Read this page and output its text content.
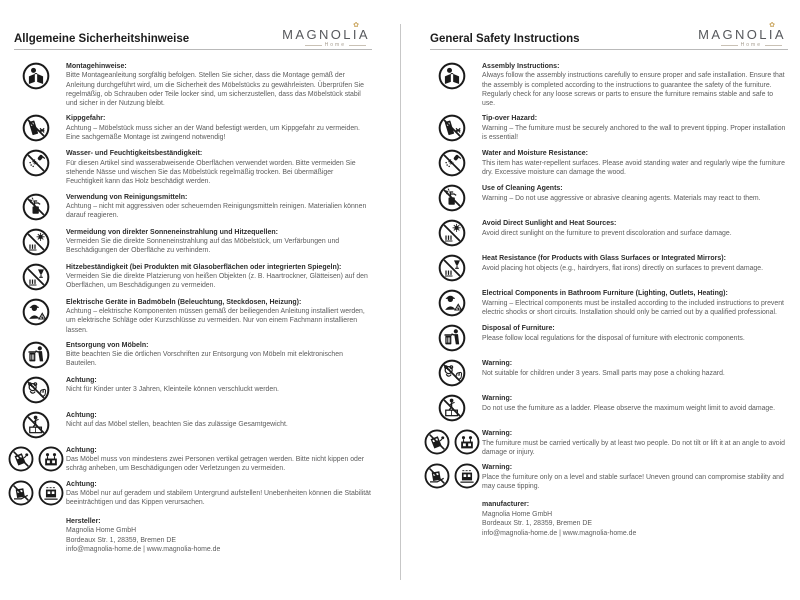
Allgemeine Sicherheitshinweise
✿
MAGNOLIA
Home
Montagehinweise:
Bitte Montageanleitung sorgfältig befolgen. Stellen Sie sicher, dass die Montage gemäß der Anleitung durchgeführt wird, um die Sicherheit des Möbelstücks zu gewährleisten. Überprüfen Sie regelmäßig, ob Schrauben oder Teile locker sind, um sicherzustellen, dass das Möbelstück stabil und sicher in der Nutzung bleibt.
Kippgefahr:
Achtung – Möbelstück muss sicher an der Wand befestigt werden, um Kippgefahr zu vermeiden. Eine sachgemäße Montage ist zwingend notwendig!
Wasser- und Feuchtigkeitsbeständigkeit:
Für diesen Artikel sind wasserabweisende Oberflächen verwendet worden. Bitte vermeiden Sie stehende Nässe und wischen Sie das Möbelstück regelmäßig trocken. Bei übermäßiger Feuchtigkeit kann das Holz beschädigt werden.
Verwendung von Reinigungsmitteln:
Achtung – nicht mit aggressiven oder scheuernden Reinigungsmitteln reinigen. Materialien können darauf reagieren.
Vermeidung von direkter Sonneneinstrahlung und Hitzequellen:
Vermeiden Sie die direkte Sonneneinstrahlung auf das Möbelstück, um Verfärbungen und Beschädigungen der Oberfläche zu verhindern.
Hitzebeständigkeit (bei Produkten mit Glasoberflächen oder integrierten Spiegeln):
Vermeiden Sie die direkte Platzierung von heißen Objekten (z. B. Haartrockner, Glätteisen) auf den Oberflächen, um Beschädigungen zu vermeiden.
Elektrische Geräte in Badmöbeln (Beleuchtung, Steckdosen, Heizung):
Achtung – elektrische Komponenten müssen gemäß der beiliegenden Anleitung installiert werden, um elektrische Schläge oder Kurzschlüsse zu vermeiden. Nur von einem Fachmann installieren lassen.
Entsorgung von Möbeln:
Bitte beachten Sie die örtlichen Vorschriften zur Entsorgung von Möbeln mit elektronischen Bauteilen.
Achtung:
Nicht für Kinder unter 3 Jahren, Kleinteile können verschluckt werden.
Achtung:
Nicht auf das Möbel stellen, beachten Sie das zulässige Gesamtgewicht.
Achtung:
Das Möbel muss von mindestens zwei Personen vertikal getragen werden. Bitte nicht kippen oder schräg anheben, um Beschädigungen oder Verletzungen zu vermeiden.
Achtung:
Das Möbel nur auf geradem und stabilem Untergrund aufstellen! Unebenheiten können die Stabilität beeinträchtigen und das Kippen verursachen.
Hersteller:
Magnolia Home GmbH
Bordeaux Str. 1, 28359, Bremen DE
info@magnolia-home.de | www.magnolia-home.de
General Safety Instructions
✿
MAGNOLIA
Home
Assembly Instructions:
Always follow the assembly instructions carefully to ensure proper and safe installation. Ensure that the assembly is completed according to the instructions to guarantee the safety of the furniture. Regularly check for any loose screws or parts to ensure the furniture remains stable and safe to use.
Tip-over Hazard:
Warning – The furniture must be securely anchored to the wall to prevent tipping. Proper installation is essential!
Water and Moisture Resistance:
This item has water-repellent surfaces. Please avoid standing water and regularly wipe the furniture dry. Excessive moisture can damage the wood.
Use of Cleaning Agents:
Warning – Do not use aggressive or abrasive cleaning agents. Materials may react to them.
Avoid Direct Sunlight and Heat Sources:
Avoid direct sunlight on the furniture to prevent discoloration and surface damage.
Heat Resistance (for Products with Glass Surfaces or Integrated Mirrors):
Avoid placing hot objects (e.g., hairdryers, flat irons) directly on surfaces to prevent damage.
Electrical Components in Bathroom Furniture (Lighting, Outlets, Heating):
Warning – Electrical components must be installed according to the included instructions to prevent electric shocks or short circuits. Installation should only be carried out by a qualified professional.
Disposal of Furniture:
Please follow local regulations for the disposal of furniture with electronic components.
Warning:
Not suitable for children under 3 years. Small parts may pose a choking hazard.
Warning:
Do not use the furniture as a ladder. Please observe the maximum weight limit to avoid damage.
Warning:
The furniture must be carried vertically by at least two people. Do not tilt or lift it at an angle to avoid damage or injury.
Warning:
Place the furniture only on a level and stable surface! Uneven ground can compromise stability and may cause tipping.
manufacturer:
Magnolia Home GmbH
Bordeaux Str. 1, 28359, Bremen DE
info@magnolia-home.de | www.magnolia-home.de
